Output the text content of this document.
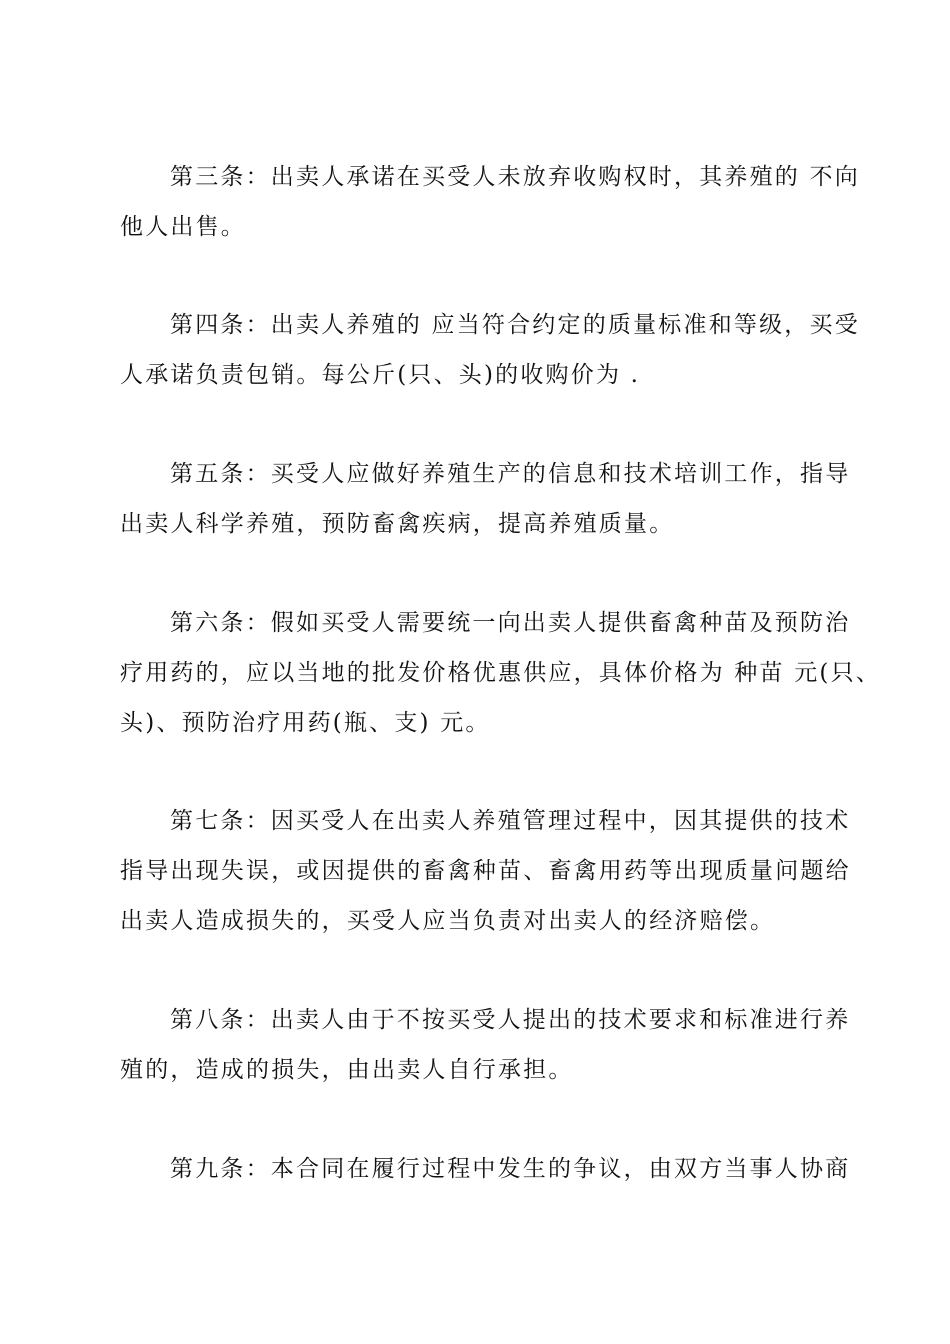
第三条：出卖人承诺在买受人未放弃收购权时，其养殖的 不向
他人出售。
第四条：出卖人养殖的 应当符合约定的质量标准和等级，买受
人承诺负责包销。每公斤(只、头)的收购价为 .
第五条：买受人应做好养殖生产的信息和技术培训工作，指导
出卖人科学养殖，预防畜禽疾病，提高养殖质量。
第六条：假如买受人需要统一向出卖人提供畜禽种苗及预防治
疗用药的，应以当地的批发价格优惠供应，具体价格为 种苗 元(只、
头)、预防治疗用药(瓶、支) 元。
第七条：因买受人在出卖人养殖管理过程中，因其提供的技术
指导出现失误，或因提供的畜禽种苗、畜禽用药等出现质量问题给
出卖人造成损失的，买受人应当负责对出卖人的经济赔偿。
第八条：出卖人由于不按买受人提出的技术要求和标准进行养
殖的，造成的损失，由出卖人自行承担。
第九条：本合同在履行过程中发生的争议，由双方当事人协商
